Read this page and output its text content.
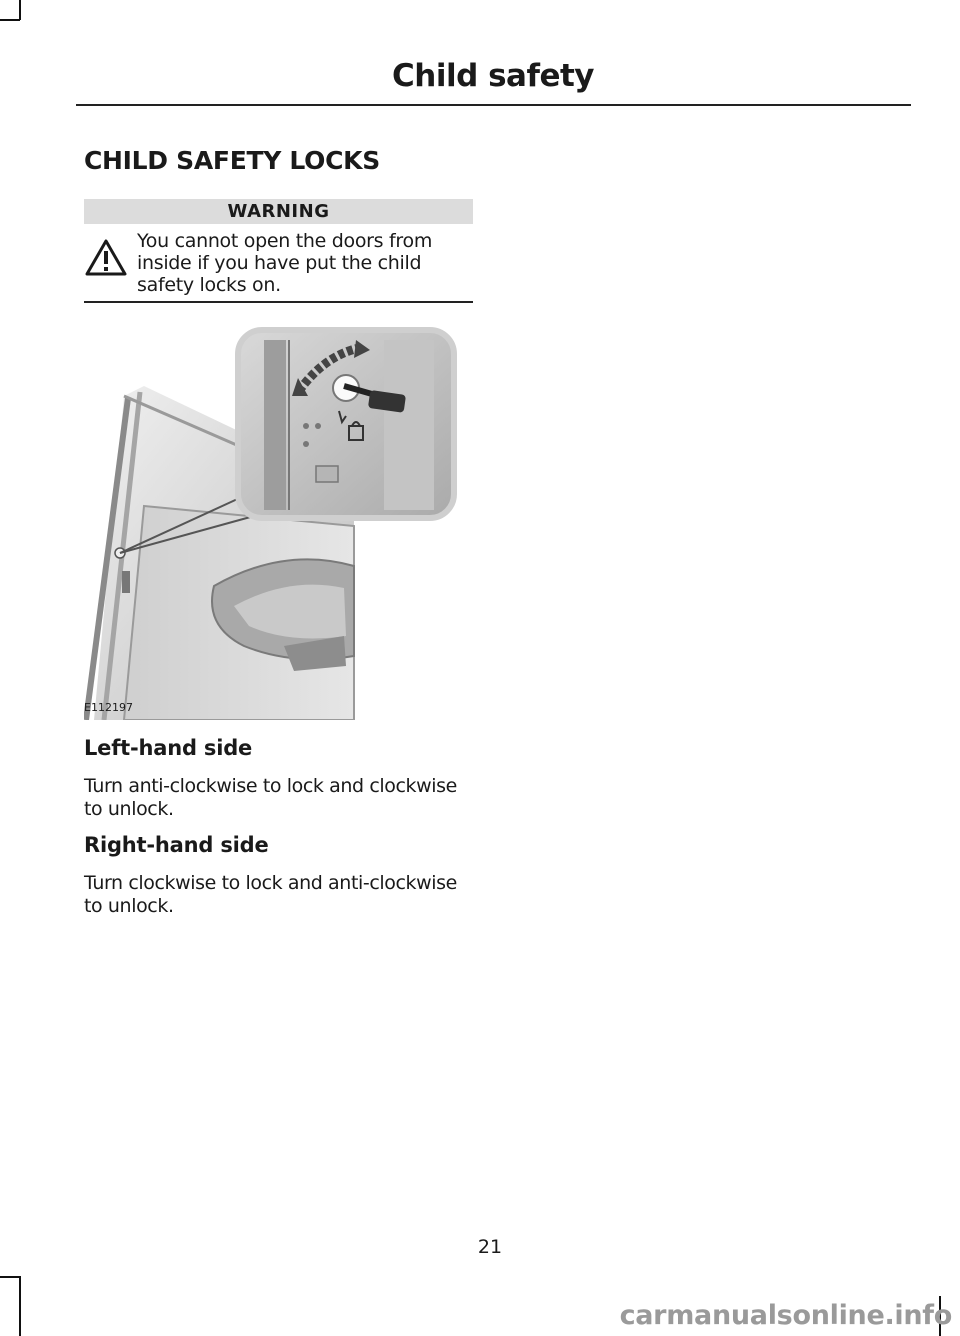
Child safety
CHILD SAFETY LOCKS
WARNING
You cannot open the doors from inside if you have put the child safety locks on.
E112197
Left-hand side
Turn anti-clockwise to lock and clockwise to unlock.
Right-hand side
Turn clockwise to lock and anti-clockwise to unlock.
21
carmanualsonline.info
